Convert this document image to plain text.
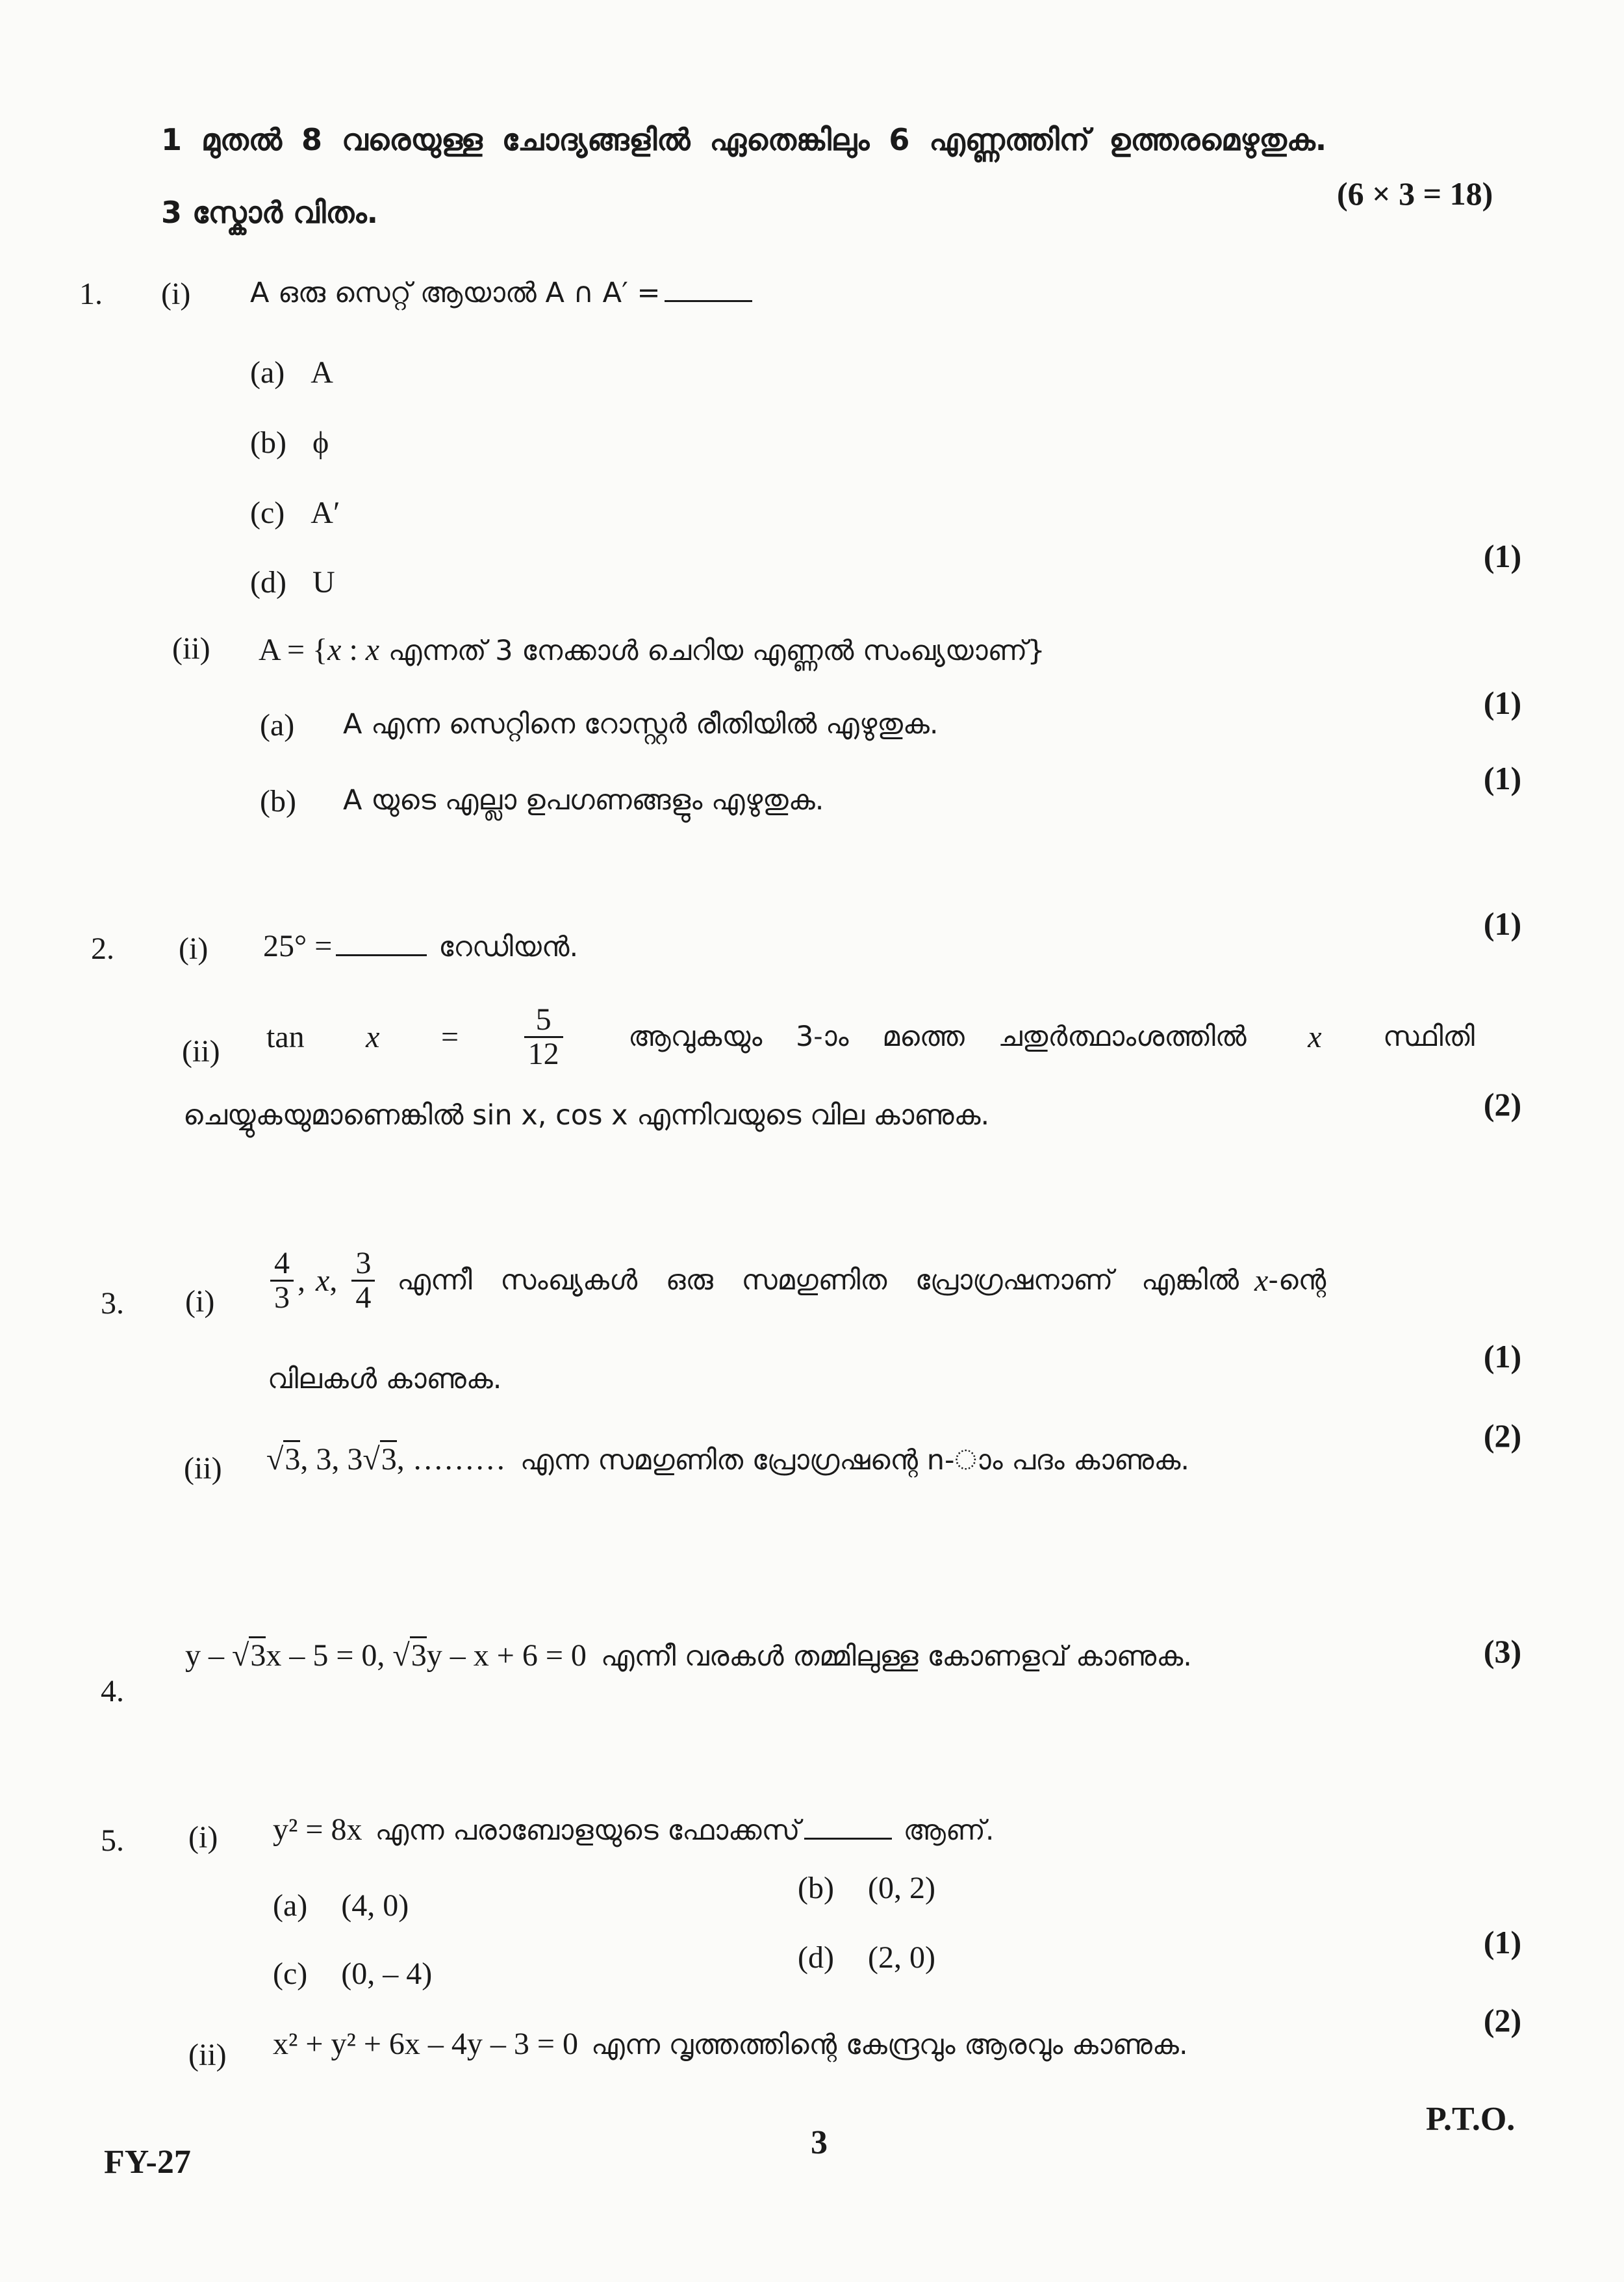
1 മുതൽ 8 വരെയുള്ള ചോദ്യങ്ങളിൽ ഏതെങ്കിലും 6 എണ്ണത്തിന് ഉത്തരമെഴുതുക.
3 സ്കോർ വിതം.
(6 × 3 = 18)
1. (i) A ഒരു സെറ്റ് ആയാൽ A ∩ A′ =
(a) A
(b) ϕ
(c) A′
(d) U
(1)
(ii) A = {x : x എന്നത് 3 നേക്കാൾ ചെറിയ എണ്ണൽ സംഖ്യയാണ്}
(a) A എന്ന സെറ്റിനെ റോസ്റ്റർ രീതിയിൽ എഴുതുക.
(1)
(b) A യുടെ എല്ലാ ഉപഗണങ്ങളും എഴുതുക.
(1)
2. (i) 25° =	റേഡിയൻ.
(1)
(ii) $\tan x = \frac{5}{12}$ ആവുകയും 3-ാം മത്തെ ചതുർത്ഥാംശത്തിൽ x സ്ഥിതി
ചെയ്യുകയുമാണെങ്കിൽ sin x, cos x എന്നിവയുടെ വില കാണുക.	(2)
3. $(i) \frac{4}{3}$ , x , $\frac{3}{4}$ എന്നീ സംഖ്യകൾ ഒരു സമഗുണിത പ്രോഗ്രഷനാണ് എങ്കിൽ x -ന്റെ
വിലകൾ കാണുക.
(1)
(ii) √3, 3, 3√3, ……… എന്ന സമഗുണിത പ്രോഗ്രഷന്റെ n-ാം പദം കാണുക.
(2)
4.
y – √3x – 5 = 0, √3y – x + 6 = 0 എന്നീ വരകൾ തമ്മിലുള്ള കോണളവ് കാണുക.	(3)
5. (i) y² = 8x എന്ന പരാബോളയുടെ ഫോക്കസ്	ആണ്.
(a) (4, 0)
(b) (0, 2)
(c) (0, – 4)	(d) (2, 0)	(1)
(ii) x² + y² + 6x – 4y – 3 = 0 എന്ന വൃത്തത്തിന്റെ കേന്ദ്രവും ആരവും കാണുക.
(2)
FY-27
3
P.T.O.
